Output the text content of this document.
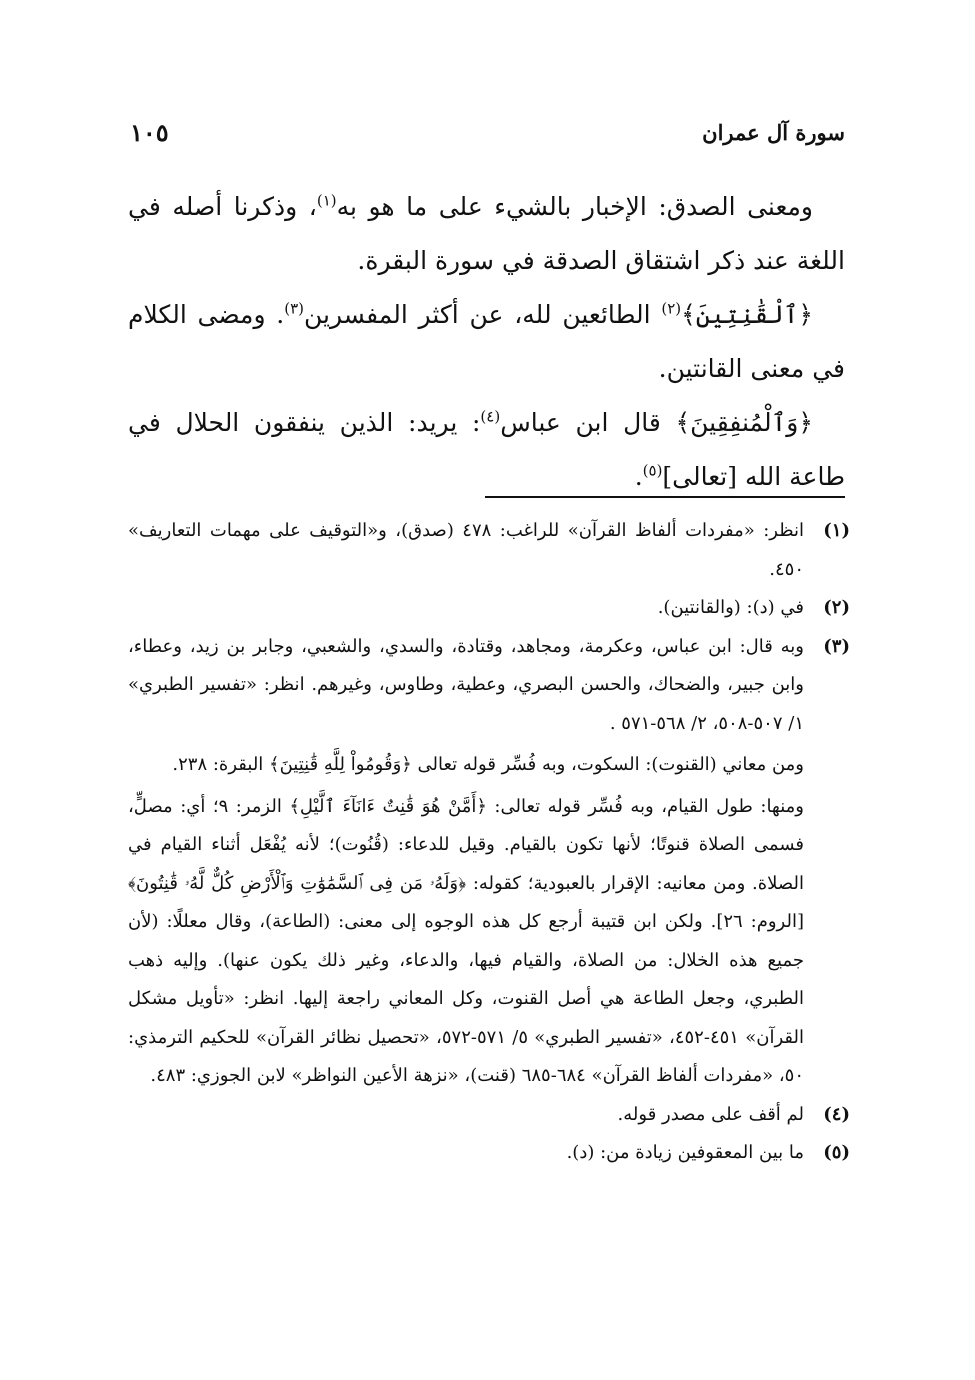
سورة آل عمران
١٠٥

ومعنى الصدق: الإخبار بالشيء على ما هو به$^{(١)}$، وذكرنا أصله في اللغة عند ذكر اشتقاق الصدقة في سورة البقرة.

﴿ٱلْقَٰنِتِينَ﴾$^{(٢)}$ الطائعين لله، عن أكثر المفسرين$^{(٣)}$. ومضى الكلام في معنى القانتين.

﴿وَٱلْمُنفِقِينَ﴾ قال ابن عباس$^{(٤)}$: يريد: الذين ينفقون الحلال في طاعة الله [تعالى]$^{(٥)}$.

(١)

انظر: «مفردات ألفاظ القرآن» للراغب: ٤٧٨ (صدق)، و«التوقيف على مهمات التعاريف» ٤٥٠.

(٢)

في (د): (والقانتين).

(٣)

وبه قال: ابن عباس، وعكرمة، ومجاهد، وقتادة، والسدي، والشعبي، وجابر بن زيد، وعطاء، وابن جبير، والضحاك، والحسن البصري، وعطية، وطاوس، وغيرهم. انظر: «تفسير الطبري» ١/ ٥٠٧-٥٠٨، ٢/ ٥٦٨-٥٧١ .

ومن معاني (القنوت): السكوت، وبه فُسِّر قوله تعالى ﴿وَقُومُواْ لِلَّهِ قَٰنِتِينَ﴾ البقرة: ٢٣٨.

ومنها: طول القيام، وبه فُسِّر قوله تعالى: ﴿أَمَّنْ هُوَ قَٰنِتٌ ءَانَآءَ ٱلَّيْلِ﴾ الزمر: ٩؛ أي: مصلٍّ، فسمى الصلاة قنوتًا؛ لأنها تكون بالقيام. وقيل للدعاء: (قُنُوت)؛ لأنه يُفْعَل أثناء القيام في الصلاة. ومن معانيه: الإقرار بالعبودية؛ كقوله: ﴿وَلَهُۥ مَن فِى ٱلسَّمَٰوَٰتِ وَٱلْأَرْضِ كُلٌّ لَّهُۥ قَٰنِتُونَ﴾ [الروم: ٢٦]. ولكن ابن قتيبة أرجع كل هذه الوجوه إلى معنى: (الطاعة)، وقال معللًا: (لأن جميع هذه الخلال: من الصلاة، والقيام فيها، والدعاء، وغير ذلك يكون عنها). وإليه ذهب الطبري، وجعل الطاعة هي أصل القنوت، وكل المعاني راجعة إليها. انظر: «تأويل مشكل القرآن» ٤٥١-٤٥٢، «تفسير الطبري» ٥/ ٥٧١-٥٧٢، «تحصيل نظائر القرآن» للحكيم الترمذي: ٥٠، «مفردات ألفاظ القرآن» ٦٨٤-٦٨٥ (قنت)، «نزهة الأعين النواظر» لابن الجوزي: ٤٨٣.

(٤)

لم أقف على مصدر قوله.

(٥)

ما بين المعقوفين زيادة من: (د).
